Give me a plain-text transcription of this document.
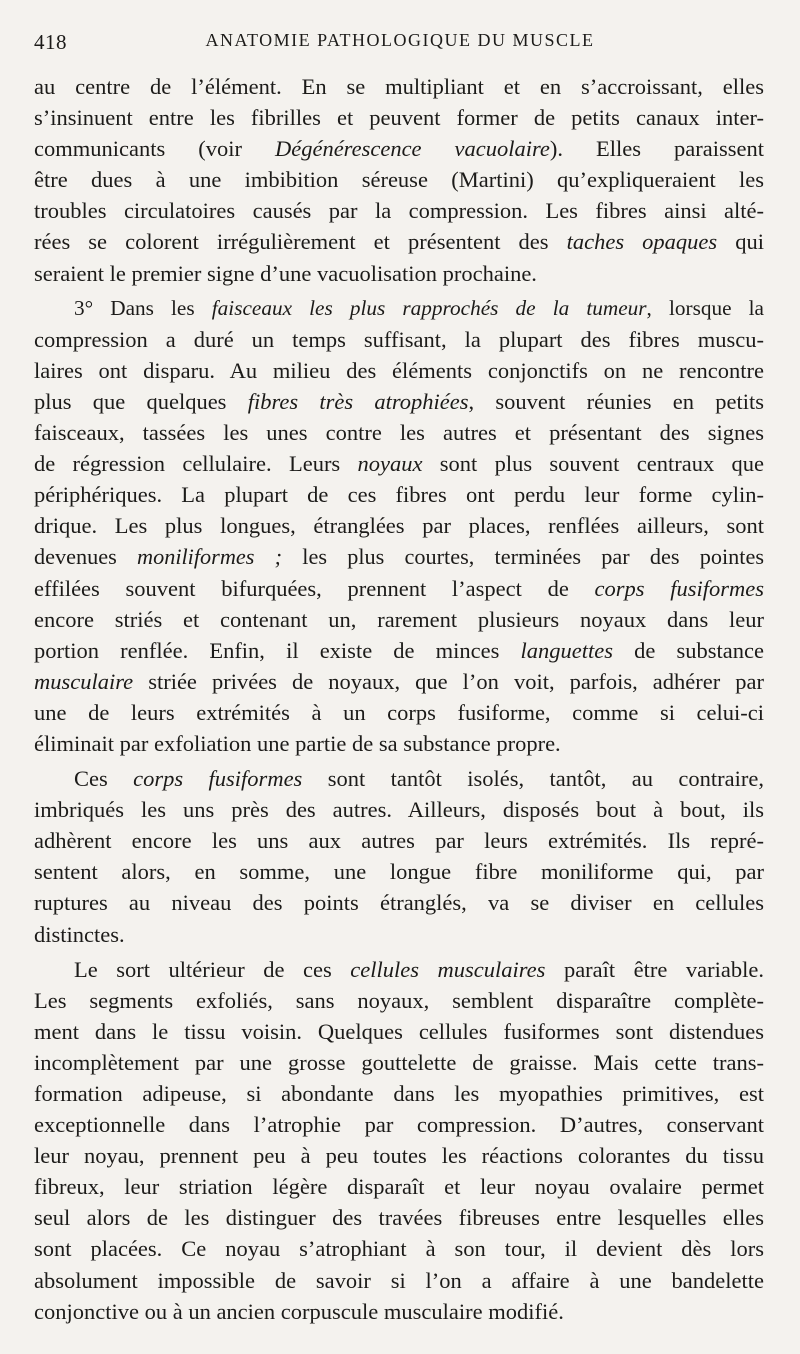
418	ANATOMIE PATHOLOGIQUE DU MUSCLE
au centre de l’élément. En se multipliant et en s’accroissant, elles
s’insinuent entre les fibrilles et peuvent former de petits canaux inter-
communicants (voir Dégénérescence vacuolaire). Elles paraissent
être dues à une imbibition séreuse (Martini) qu’expliqueraient les
troubles circulatoires causés par la compression. Les fibres ainsi alté-
rées se colorent irrégulièrement et présentent des taches opaques qui
seraient le premier signe d’une vacuolisation prochaine.
3° Dans les faisceaux les plus rapprochés de la tumeur, lorsque la
compression a duré un temps suffisant, la plupart des fibres muscu-
laires ont disparu. Au milieu des éléments conjonctifs on ne rencontre
plus que quelques fibres très atrophiées, souvent réunies en petits
faisceaux, tassées les unes contre les autres et présentant des signes
de régression cellulaire. Leurs noyaux sont plus souvent centraux que
périphériques. La plupart de ces fibres ont perdu leur forme cylin-
drique. Les plus longues, étranglées par places, renflées ailleurs, sont
devenues moniliformes ; les plus courtes, terminées par des pointes
effilées souvent bifurquées, prennent l’aspect de corps fusiformes
encore striés et contenant un, rarement plusieurs noyaux dans leur
portion renflée. Enfin, il existe de minces languettes de substance
musculaire striée privées de noyaux, que l’on voit, parfois, adhérer par
une de leurs extrémités à un corps fusiforme, comme si celui-ci
éliminait par exfoliation une partie de sa substance propre.
Ces corps fusiformes sont tantôt isolés, tantôt, au contraire,
imbriqués les uns près des autres. Ailleurs, disposés bout à bout, ils
adhèrent encore les uns aux autres par leurs extrémités. Ils repré-
sentent alors, en somme, une longue fibre moniliforme qui, par
ruptures au niveau des points étranglés, va se diviser en cellules
distinctes.
Le sort ultérieur de ces cellules musculaires paraît être variable.
Les segments exfoliés, sans noyaux, semblent disparaître complète-
ment dans le tissu voisin. Quelques cellules fusiformes sont distendues
incomplètement par une grosse gouttelette de graisse. Mais cette trans-
formation adipeuse, si abondante dans les myopathies primitives, est
exceptionnelle dans l’atrophie par compression. D’autres, conservant
leur noyau, prennent peu à peu toutes les réactions colorantes du tissu
fibreux, leur striation légère disparaît et leur noyau ovalaire permet
seul alors de les distinguer des travées fibreuses entre lesquelles elles
sont placées. Ce noyau s’atrophiant à son tour, il devient dès lors
absolument impossible de savoir si l’on a affaire à une bandelette
conjonctive ou à un ancien corpuscule musculaire modifié.
